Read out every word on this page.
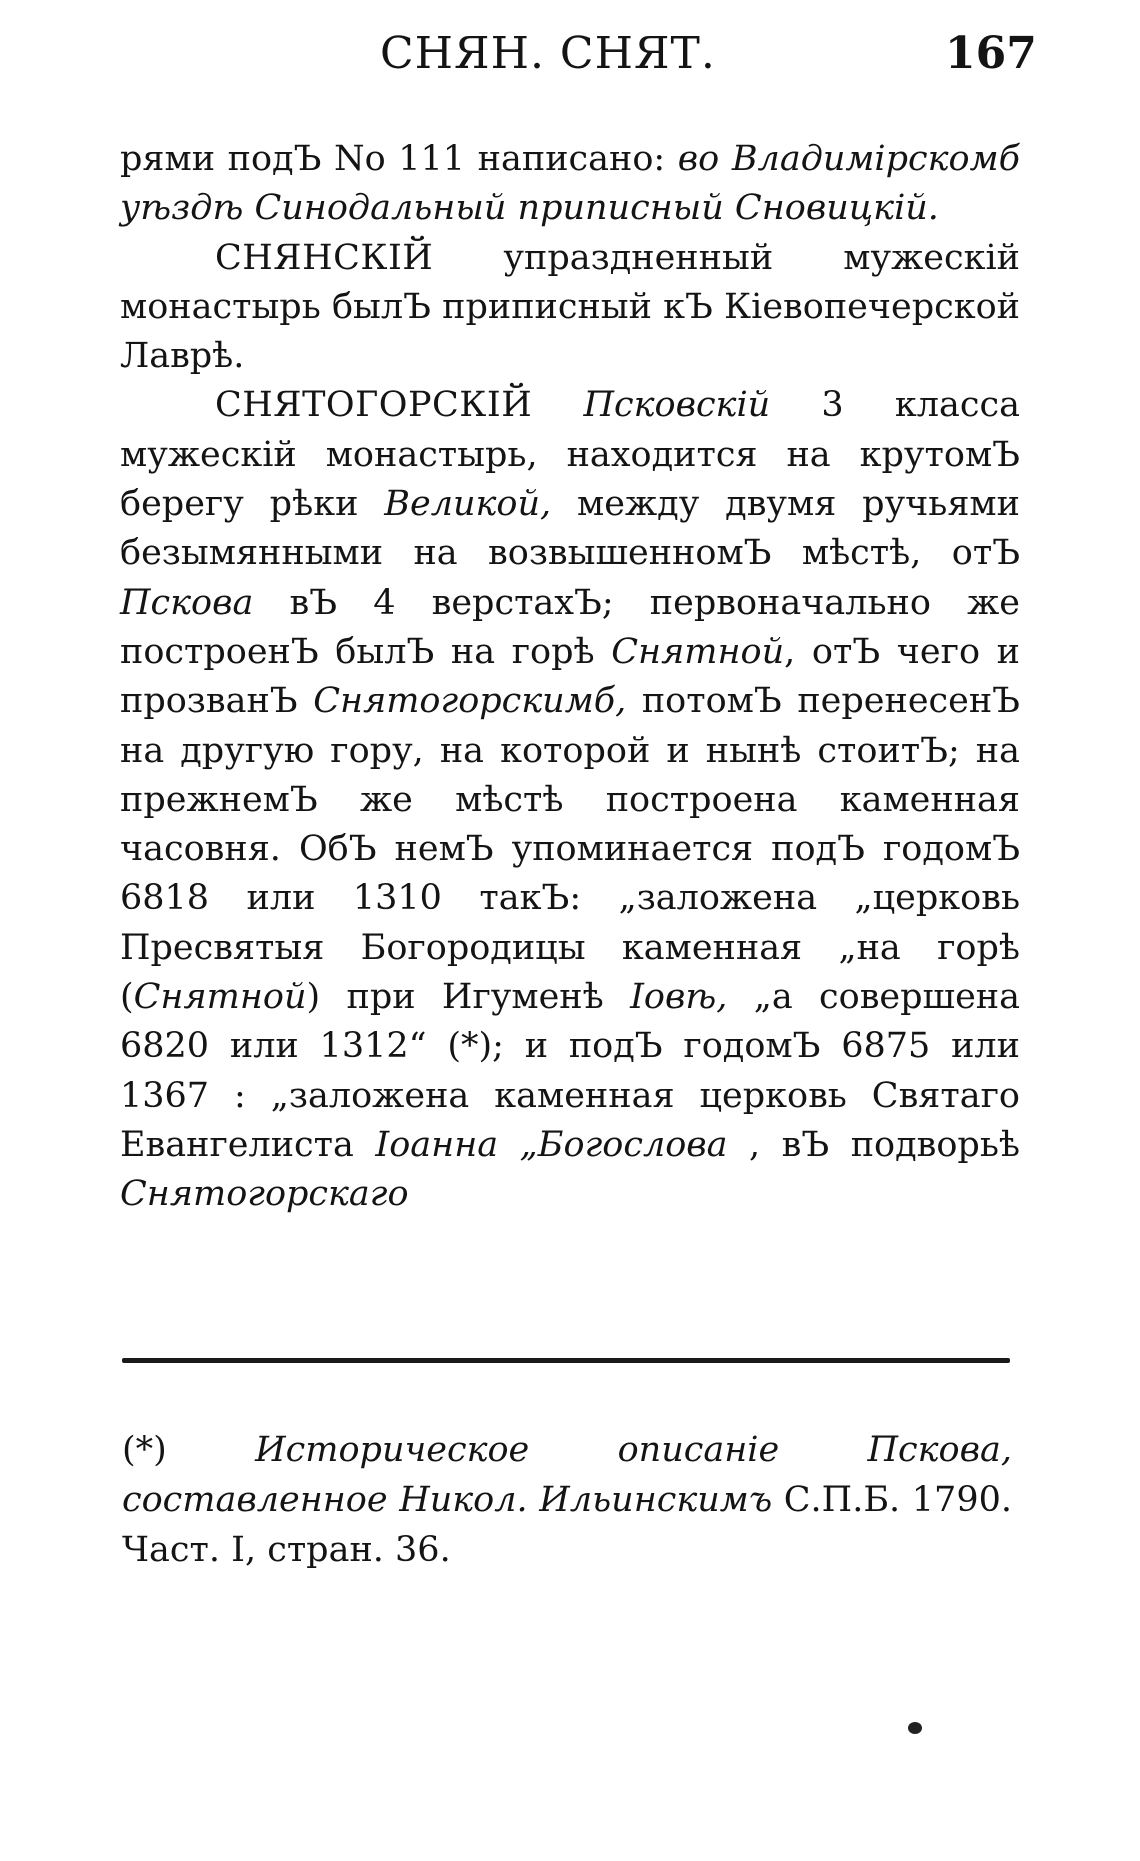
СНЯН. СНЯТ.	167

рями подЪ No 111 написано: во Владимірскомб уѣздѣ Синодальный приписный Сновицкій.

СНЯНСКІЙ упраздненный мужескій монастырь былЪ приписный кЪ Кіевопечерской Лаврѣ.

СНЯТОГОРСКІЙ Псковскій 3 класса мужескій монастырь, находится на крутомЪ берегу рѣки Великой, между двумя ручьями безымянными на возвышенномЪ мѣстѣ, отЪ Пскова вЪ 4 верстахЪ; первоначально же построенЪ былЪ на горѣ Снятной, отЪ чего и прозванЪ Снятогорскимб, потомЪ перенесенЪ на другую гору, на которой и нынѣ стоитЪ; на прежнемЪ же мѣстѣ построена каменная часовня. ОбЪ немЪ упоминается подЪ годомЪ 6818 или 1310 такЪ: „заложена „церковь Пресвятыя Богородицы каменная „на горѣ (Снятной) при Игуменѣ Іовѣ, „а совершена 6820 или 1312“ (*); и подЪ годомЪ 6875 или 1367 : „заложена каменная церковь Святаго Евангелиста Іоанна „Богослова , вЪ подворьѣ Снятогорскаго

(*) Историческое описаніе Пскова, составленное Никол. Ильинскимъ С.П.Б. 1790. Част. I, стран. 36.
